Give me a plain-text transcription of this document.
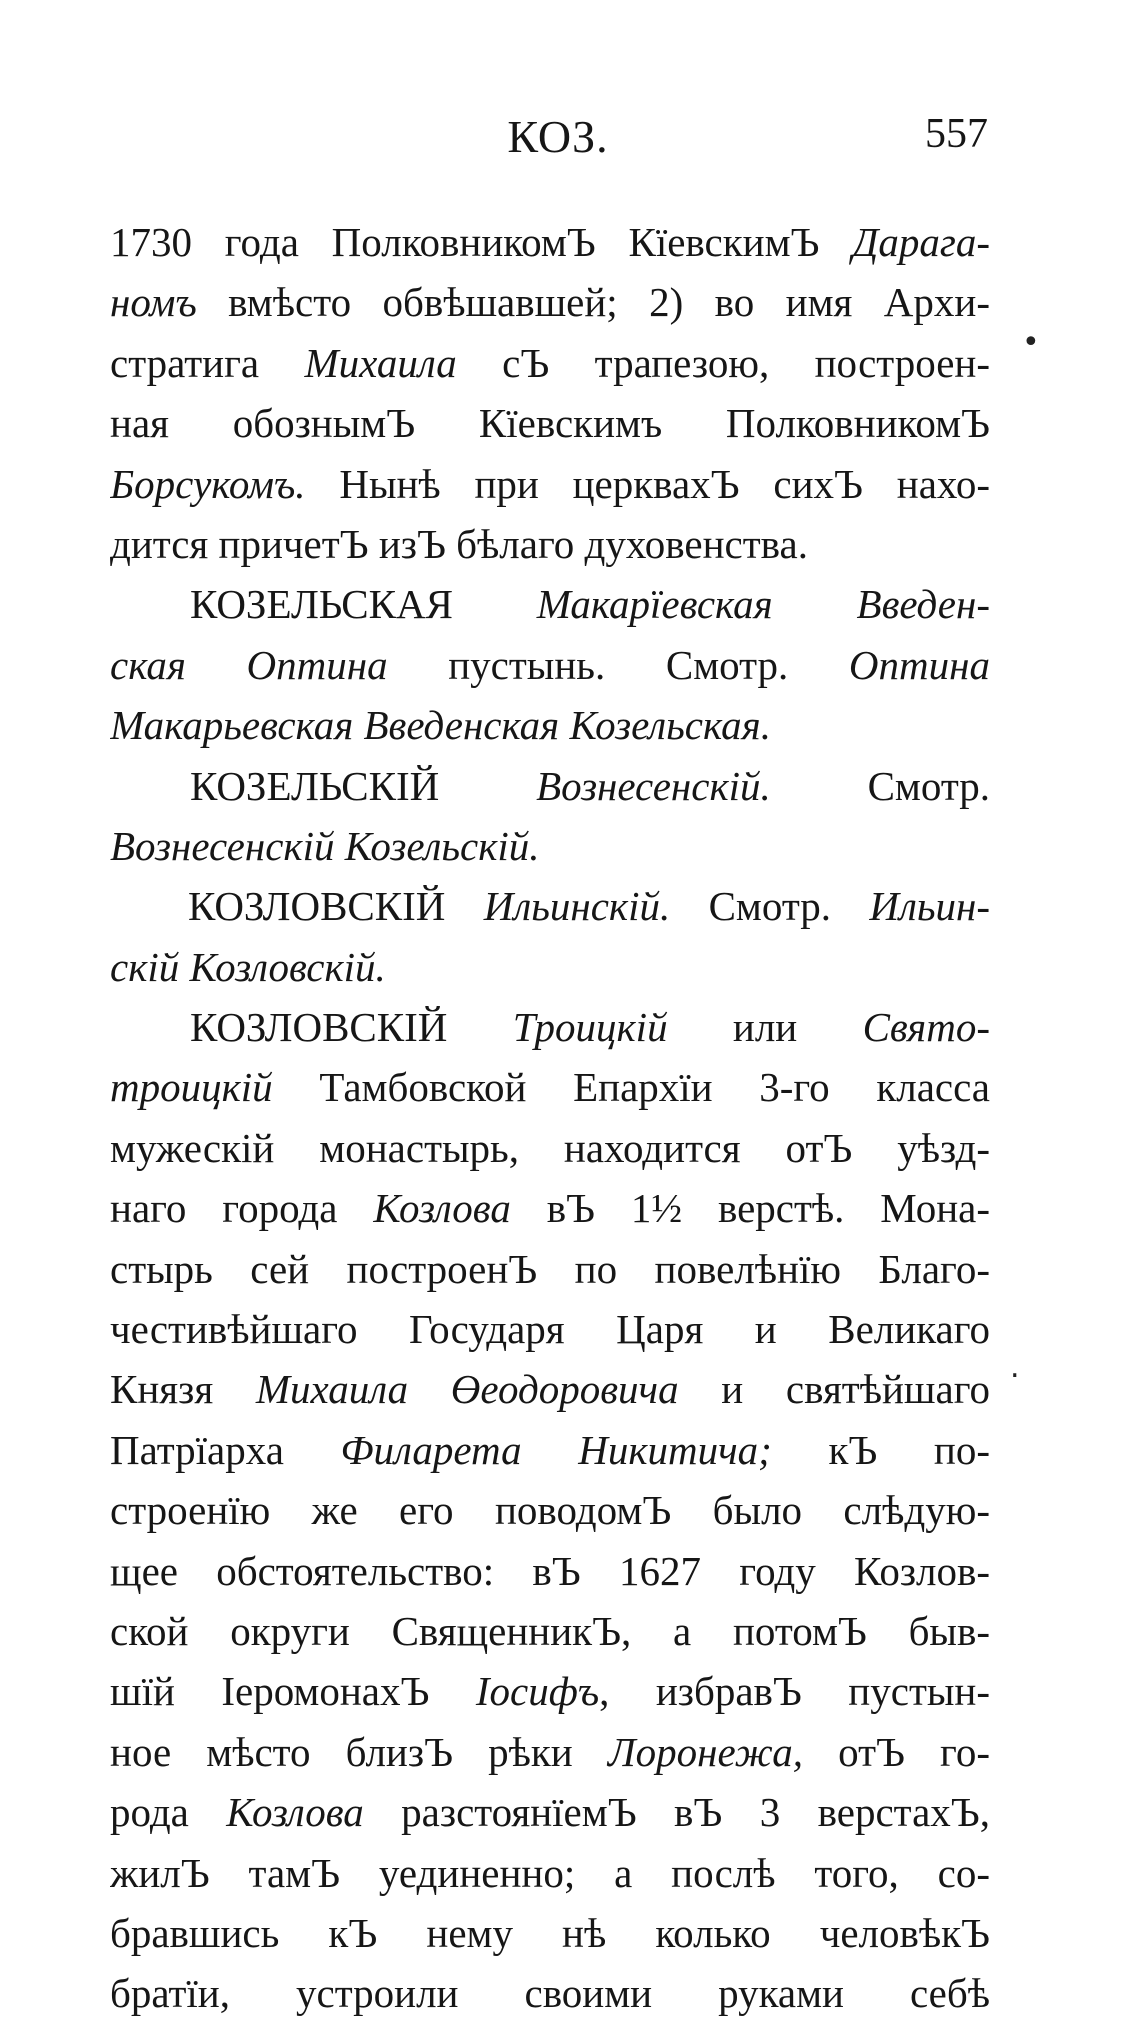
КОЗ.	557
1730 года ПолковникомЪ КїевскимЪ Дарага-
номъ вмѣсто обвѣшавшей; 2) во имя Архи-
стратига Михаила сЪ трапезою, построен-
ная обознымЪ Кїевскимъ ПолковникомЪ
Борсукомъ. Нынѣ при церквахЪ сихЪ нахо-
дится причетЪ изЪ бѣлаго духовенства.
КОЗЕЛЬСКАЯ Макарїевская Введен-
ская Оптина пустынь. Смотр. Оптина
Макарьевская Введенская Козельская.
КОЗЕЛЬСКІЙ Вознесенскій. Смотр.
Вознесенскій Козельскій.
КОЗЛОВСКІЙ Ильинскій. Смотр. Ильин-
скій Козловскій.
КОЗЛОВСКІЙ Троицкій или Свято-
троицкій Тамбовской Епархїи 3-го класса
мужескій монастырь, находится отЪ уѣзд-
наго города Козлова вЪ 1½ верстѣ. Мона-
стырь сей построенЪ по повелѣнїю Благо-
честивѣйшаго Государя Царя и Великаго
Князя Михаила Өеодоровича и святѣйшаго
Патрїарха Филарета Никитича; кЪ по-
строенїю же его поводомЪ было слѣдую-
щее обстоятельство: вЪ 1627 году Козлов-
ской округи СвященникЪ, а потомЪ быв-
шїй ІеромонахЪ Іосифъ, избравЪ пустын-
ное мѣсто близЪ рѣки Лоронежа, отЪ го-
рода Козлова разстоянїемЪ вЪ 3 верстахЪ,
жилЪ тамЪ уединенно; а послѣ того, со-
бравшись кЪ нему нѣ колько человѣкЪ
братїи, устроили своими руками себѣ
•
.
